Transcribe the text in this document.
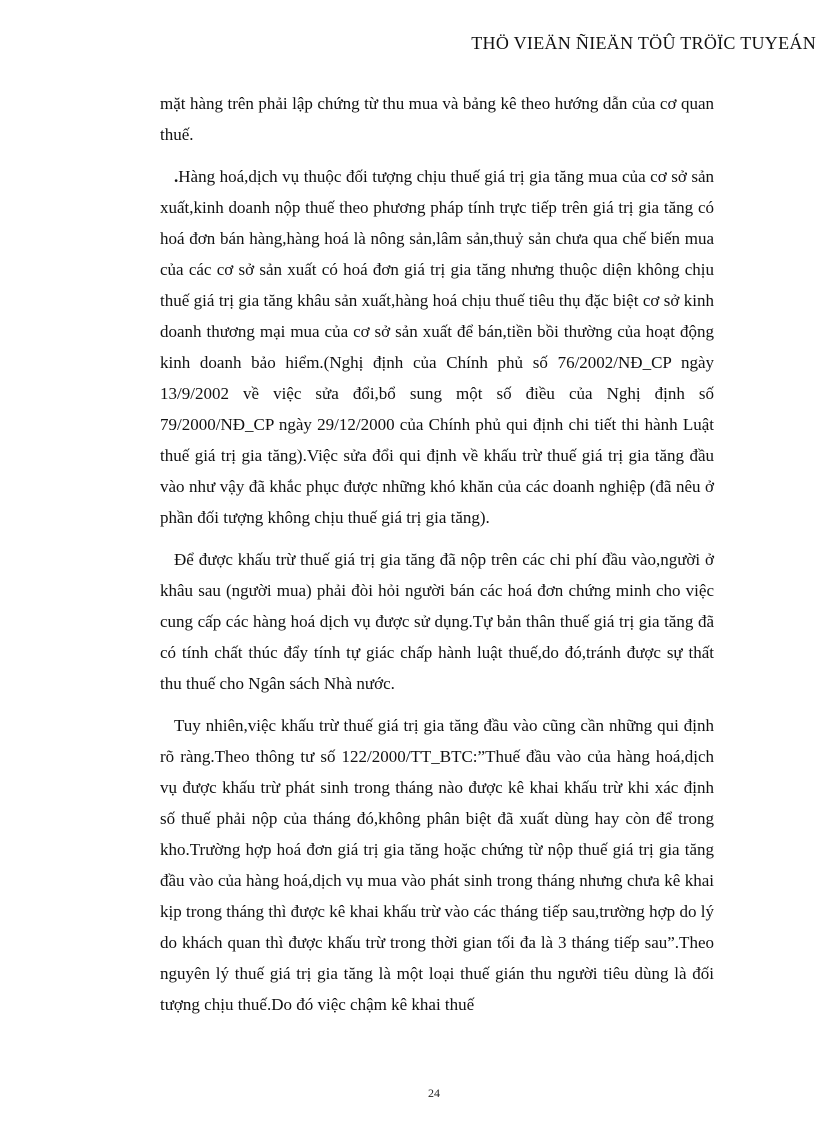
THÖ VIEÄN ÑIEÄN TÖÛ TRÖÏC TUYEÁN

mặt hàng trên phải lập chứng từ thu mua và bảng kê theo hướng dẫn của cơ quan thuế.

.Hàng hoá,dịch vụ thuộc đối tượng chịu thuế giá trị gia tăng mua của cơ sở sản xuất,kinh doanh nộp thuế theo phương pháp tính trực tiếp trên giá trị gia tăng có hoá đơn bán hàng,hàng hoá là nông sản,lâm sản,thuỷ sản chưa qua chế biến mua của các cơ sở sản xuất có hoá đơn giá trị gia tăng nhưng thuộc diện không chịu thuế giá trị gia tăng khâu sản xuất,hàng hoá chịu thuế tiêu thụ đặc biệt cơ sở kinh doanh thương mại mua của cơ sở sản xuất để bán,tiền bồi thường của hoạt động kinh doanh bảo hiểm.(Nghị định của Chính phủ số 76/2002/NĐ_CP ngày 13/9/2002 về việc sửa đổi,bổ sung một số điều của Nghị định số 79/2000/NĐ_CP ngày 29/12/2000 của Chính phủ qui định chi tiết thi hành Luật thuế giá trị gia tăng).Việc sửa đổi qui định về khấu trừ thuế giá trị gia tăng đầu vào như vậy đã khắc phục được những khó khăn của các doanh nghiệp (đã nêu ở phần đối tượng không chịu thuế giá trị gia tăng).

Để được khấu trừ thuế giá trị gia tăng đã nộp trên các chi phí đầu vào,người ở khâu sau (người mua) phải đòi hỏi người bán các hoá đơn chứng minh cho việc cung cấp các hàng hoá dịch vụ được sử dụng.Tự bản thân thuế giá trị gia tăng đã có tính chất thúc đẩy tính tự giác chấp hành luật thuế,do đó,tránh được sự thất thu thuế cho Ngân sách Nhà nước.

Tuy nhiên,việc khấu trừ thuế giá trị gia tăng đầu vào cũng cần những qui định rõ ràng.Theo thông tư số 122/2000/TT_BTC:”Thuế đầu vào của hàng hoá,dịch vụ được khấu trừ phát sinh trong tháng nào được kê khai khấu trừ khi xác định số thuế phải nộp của tháng đó,không phân biệt đã xuất dùng hay còn để trong kho.Trường hợp hoá đơn giá trị gia tăng hoặc chứng từ nộp thuế giá trị gia tăng đầu vào của hàng hoá,dịch vụ mua vào phát sinh trong tháng nhưng chưa kê khai kịp trong tháng thì được kê khai khấu trừ vào các tháng tiếp sau,trường hợp do lý do khách quan thì được khấu trừ trong thời gian tối đa là 3 tháng tiếp sau”.Theo nguyên lý thuế giá trị gia tăng là một loại thuế gián thu người tiêu dùng là đối tượng chịu thuế.Do đó việc chậm kê khai thuế

24
